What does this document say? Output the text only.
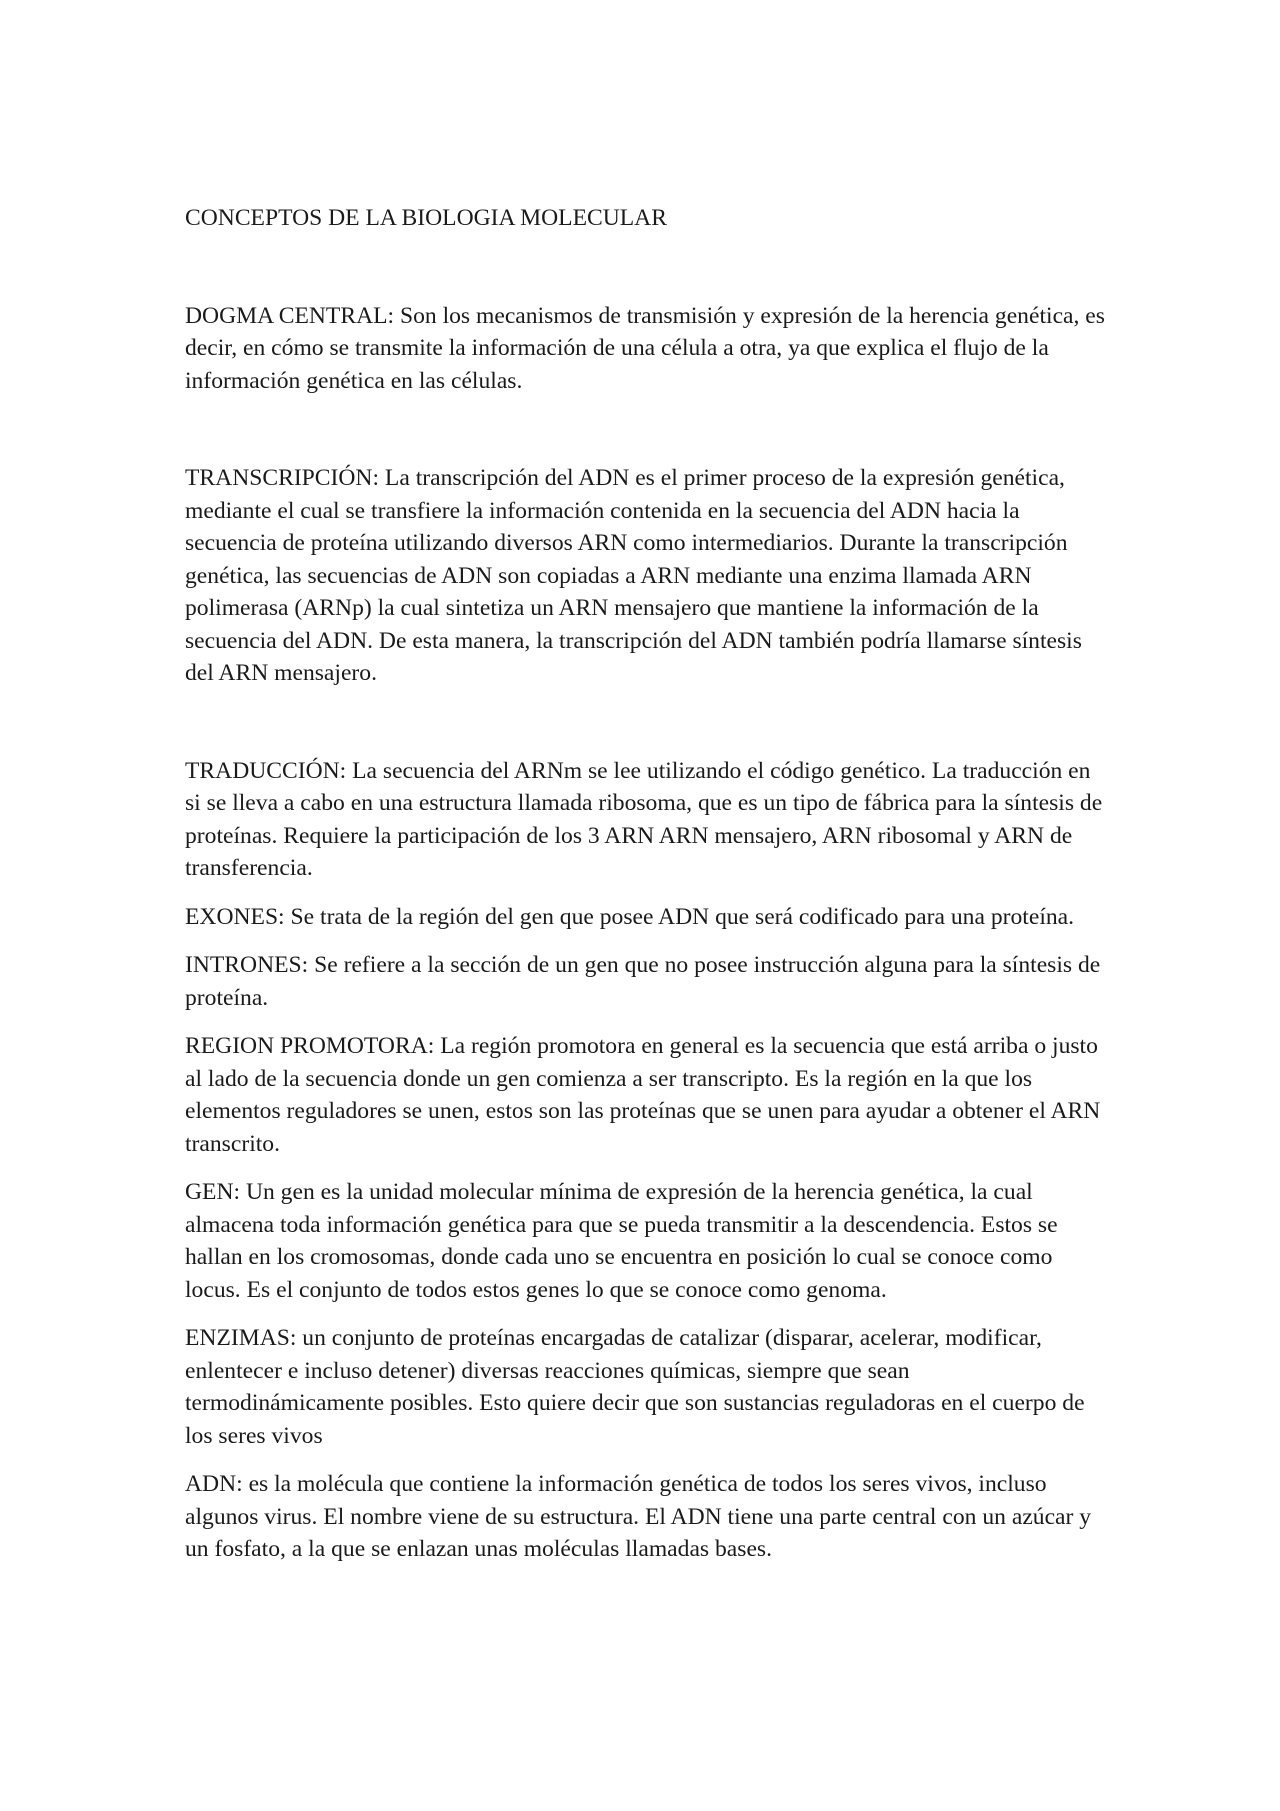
CONCEPTOS DE LA BIOLOGIA MOLECULAR

DOGMA CENTRAL: Son los mecanismos de transmisión y expresión de la herencia genética, es decir, en cómo se transmite la información de una célula a otra, ya que explica el flujo de la información genética en las células.

TRANSCRIPCIÓN: La transcripción del ADN es el primer proceso de la expresión genética, mediante el cual se transfiere la información contenida en la secuencia del ADN hacia la secuencia de proteína utilizando diversos ARN como intermediarios. Durante la transcripción genética, las secuencias de ADN son copiadas a ARN mediante una enzima llamada ARN polimerasa (ARNp) la cual sintetiza un ARN mensajero que mantiene la información de la secuencia del ADN. De esta manera, la transcripción del ADN también podría llamarse síntesis del ARN mensajero.

TRADUCCIÓN: La secuencia del ARNm se lee utilizando el código genético. La traducción en si se lleva a cabo en una estructura llamada ribosoma, que es un tipo de fábrica para la síntesis de proteínas. Requiere la participación de los 3 ARN ARN mensajero, ARN ribosomal y ARN de transferencia.

EXONES: Se trata de la región del gen que posee ADN que será codificado para una proteína.

INTRONES: Se refiere a la sección de un gen que no posee instrucción alguna para la síntesis de proteína.

REGION PROMOTORA: La región promotora en general es la secuencia que está arriba o justo al lado de la secuencia donde un gen comienza a ser transcripto. Es la región en la que los elementos reguladores se unen, estos son las proteínas que se unen para ayudar a obtener el ARN transcrito.

GEN: Un gen es la unidad molecular mínima de expresión de la herencia genética, la cual almacena toda información genética para que se pueda transmitir a la descendencia. Estos se hallan en los cromosomas, donde cada uno se encuentra en posición lo cual se conoce como locus. Es el conjunto de todos estos genes lo que se conoce como genoma.

ENZIMAS: un conjunto de proteínas encargadas de catalizar (disparar, acelerar, modificar, enlentecer e incluso detener) diversas reacciones químicas, siempre que sean termodinámicamente posibles. Esto quiere decir que son sustancias reguladoras en el cuerpo de los seres vivos

ADN: es la molécula que contiene la información genética de todos los seres vivos, incluso algunos virus. El nombre viene de su estructura. El ADN tiene una parte central con un azúcar y un fosfato, a la que se enlazan unas moléculas llamadas bases.
